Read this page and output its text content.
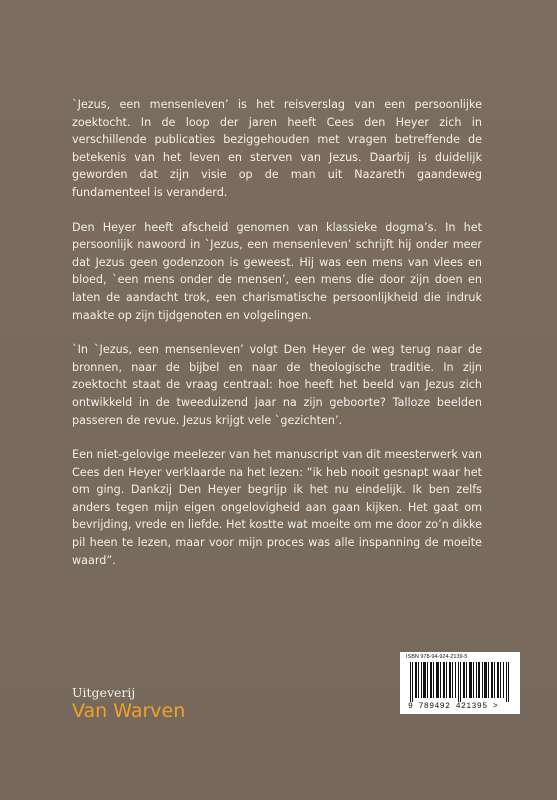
`Jezus, een mensenleven’ is het reisverslag van een persoonlijke zoektocht. In de loop der jaren heeft Cees den Heyer zich in verschillende publicaties beziggehouden met vragen betreffende de betekenis van het leven en sterven van Jezus. Daarbij is duidelijk geworden dat zijn visie op de man uit Nazareth gaandeweg fundamenteel is veranderd.

Den Heyer heeft afscheid genomen van klassieke dogma’s. In het persoonlijk nawoord in `Jezus, een mensenleven’ schrijft hij onder meer dat Jezus geen godenzoon is geweest. Hij was een mens van vlees en bloed, `een mens onder de mensen’, een mens die door zijn doen en laten de aandacht trok, een charismatische persoonlijkheid die indruk maakte op zijn tijdgenoten en volgelingen.

`In `Jezus, een mensenleven’ volgt Den Heyer de weg terug naar de bronnen, naar de bijbel en naar de theologische traditie. In zijn zoektocht staat de vraag centraal: hoe heeft het beeld van Jezus zich ontwikkeld in de tweeduizend jaar na zijn geboorte? Talloze beelden passeren de revue. Jezus krijgt vele `gezichten’.

Een niet-gelovige meelezer van het manuscript van dit meesterwerk van Cees den Heyer verklaarde na het lezen: “ik heb nooit gesnapt waar het om ging. Dankzij Den Heyer begrijp ik het nu eindelijk. Ik ben zelfs anders tegen mijn eigen ongelovigheid aan gaan kijken. Het gaat om bevrijding, vrede en liefde. Het kostte wat moeite om me door zo’n dikke pil heen te lezen, maar voor mijn proces was alle inspanning de moeite waard”.

ISBN 978-94-924-2139-5
9 789492 421395 >
Uitgeverij
Van Warven
